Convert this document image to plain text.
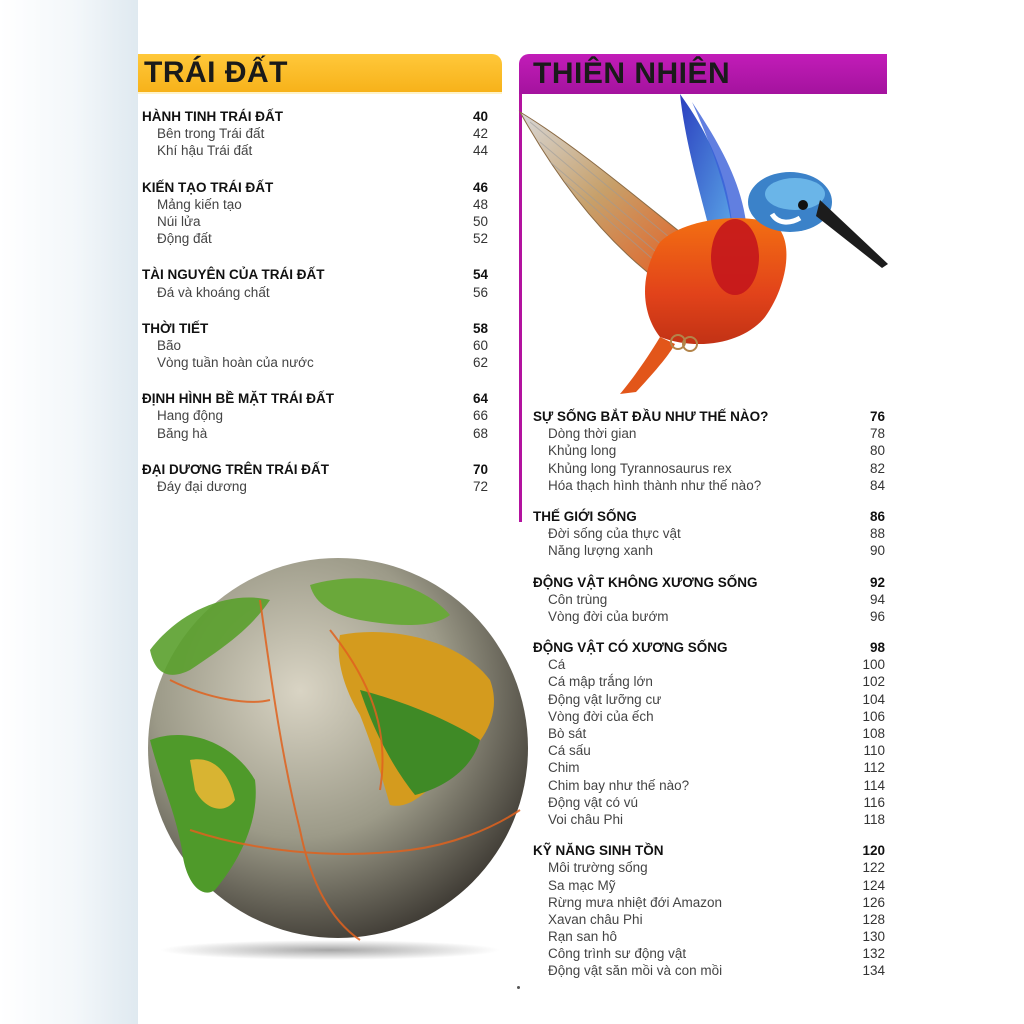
TRÁI ĐẤT	THIÊN NHIÊN
HÀNH TINH TRÁI ĐẤT	40
Bên trong Trái đất	42
Khí hậu Trái đất	44
KIẾN TẠO TRÁI ĐẤT	46
Mảng kiến tạo	48
Núi lửa	50
Động đất	52
TÀI NGUYÊN CỦA TRÁI ĐẤT	54
Đá và khoáng chất	56
THỜI TIẾT	58
Bão	60
Vòng tuần hoàn của nước	62
ĐỊNH HÌNH BỀ MẶT TRÁI ĐẤT	64
Hang động	66
Băng hà	68
ĐẠI DƯƠNG TRÊN TRÁI ĐẤT	70
Đáy đại dương	72
SỰ SỐNG BẮT ĐẦU NHƯ THẾ NÀO?	76
Dòng thời gian	78
Khủng long	80
Khủng long Tyrannosaurus rex	82
Hóa thạch hình thành như thế nào?	84
THẾ GIỚI SỐNG	86
Đời sống của thực vật	88
Năng lượng xanh	90
ĐỘNG VẬT KHÔNG XƯƠNG SỐNG	92
Côn trùng	94
Vòng đời của bướm	96
ĐỘNG VẬT CÓ XƯƠNG SỐNG	98
Cá	100
Cá mập trắng lớn	102
Động vật lưỡng cư	104
Vòng đời của ếch	106
Bò sát	108
Cá sấu	110
Chim	112
Chim bay như thế nào?	114
Động vật có vú	116
Voi châu Phi	118
KỸ NĂNG SINH TỒN	120
Môi trường sống	122
Sa mạc Mỹ	124
Rừng mưa nhiệt đới Amazon	126
Xavan châu Phi	128
Rạn san hô	130
Công trình sư động vật	132
Động vật săn mồi và con mồi	134
